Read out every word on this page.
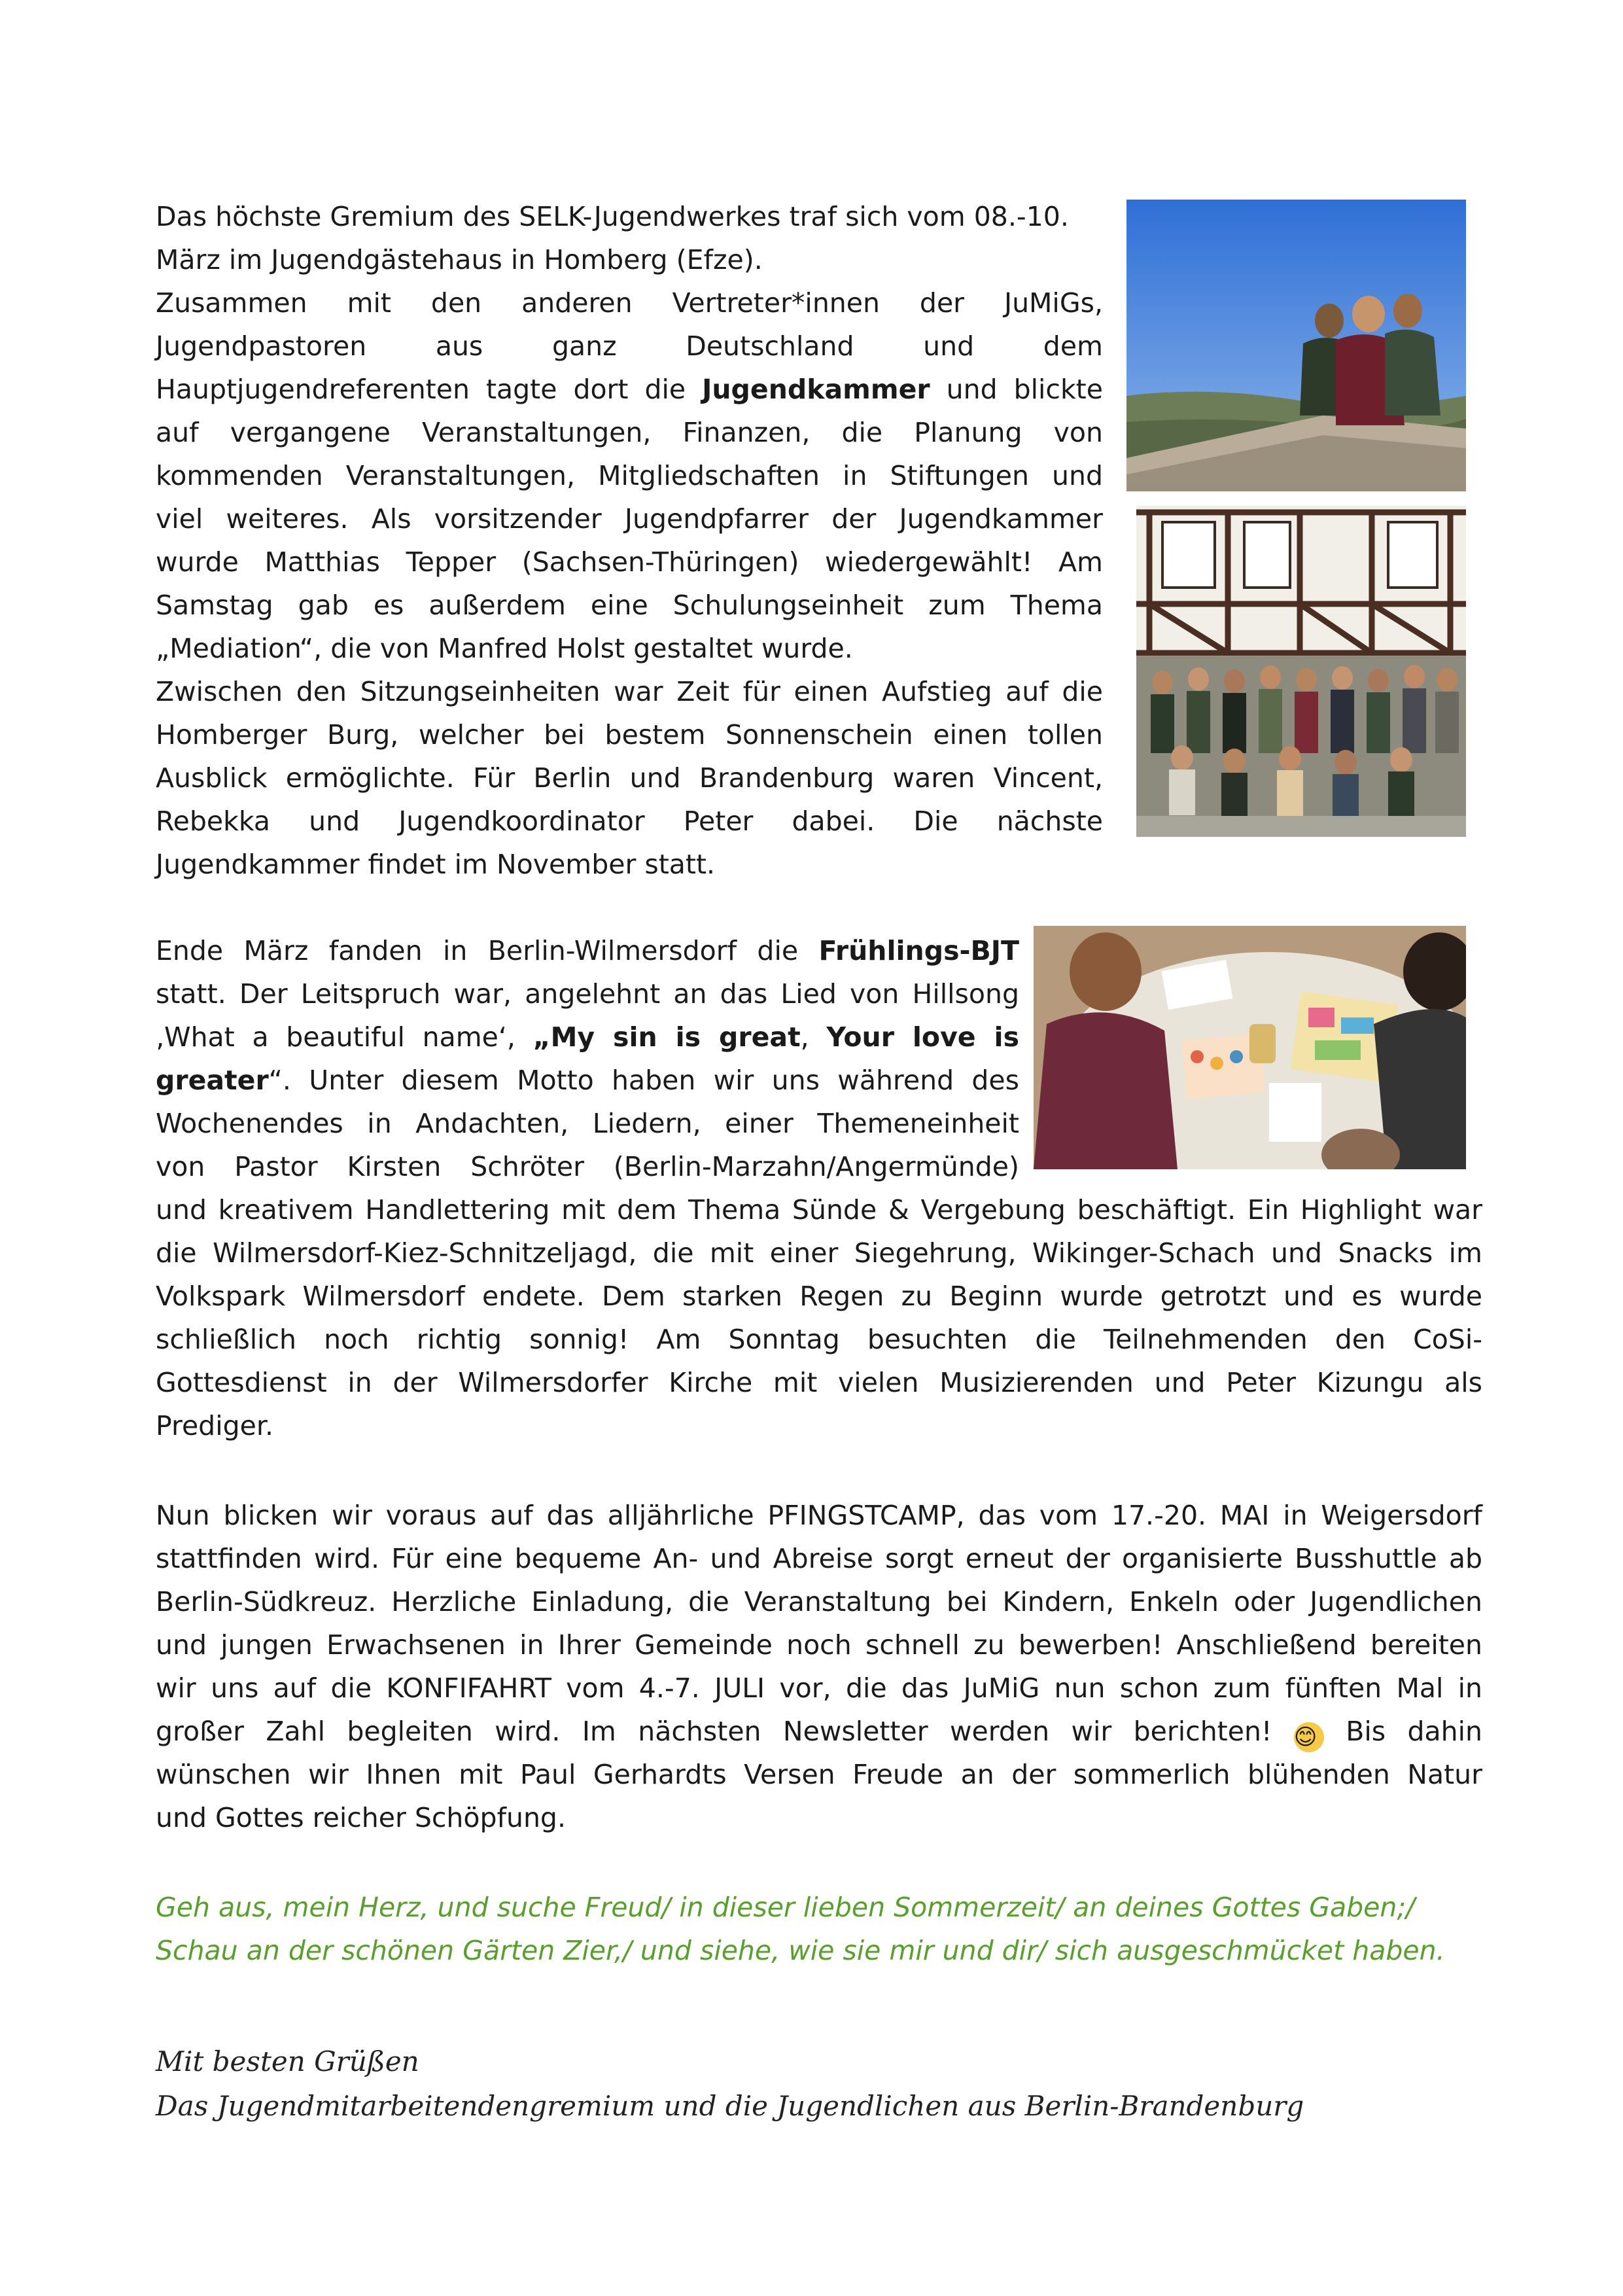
Das höchste Gremium des SELK-Jugendwerkes traf sich vom 08.-10.
März im Jugendgästehaus in Homberg (Efze).
Zusammen mit den anderen Vertreter*innen der JuMiGs,
Jugendpastoren aus ganz Deutschland und dem
Hauptjugendreferenten tagte dort die Jugendkammer und blickte
auf vergangene Veranstaltungen, Finanzen, die Planung von
kommenden Veranstaltungen, Mitgliedschaften in Stiftungen und
viel weiteres. Als vorsitzender Jugendpfarrer der Jugendkammer
wurde Matthias Tepper (Sachsen-Thüringen) wiedergewählt! Am
Samstag gab es außerdem eine Schulungseinheit zum Thema
„Mediation“, die von Manfred Holst gestaltet wurde.
Zwischen den Sitzungseinheiten war Zeit für einen Aufstieg auf die
Homberger Burg, welcher bei bestem Sonnenschein einen tollen
Ausblick ermöglichte. Für Berlin und Brandenburg waren Vincent,
Rebekka und Jugendkoordinator Peter dabei. Die nächste
Jugendkammer findet im November statt.
Ende März fanden in Berlin-Wilmersdorf die Frühlings-BJT
statt. Der Leitspruch war, angelehnt an das Lied von Hillsong
‚What a beautiful name‘, „My sin is great, Your love is
greater“. Unter diesem Motto haben wir uns während des
Wochenendes in Andachten, Liedern, einer Themeneinheit
von Pastor Kirsten Schröter (Berlin-Marzahn/Angermünde)
und kreativem Handlettering mit dem Thema Sünde & Vergebung beschäftigt. Ein Highlight war
die Wilmersdorf-Kiez-Schnitzeljagd, die mit einer Siegehrung, Wikinger-Schach und Snacks im
Volkspark Wilmersdorf endete. Dem starken Regen zu Beginn wurde getrotzt und es wurde
schließlich noch richtig sonnig! Am Sonntag besuchten die Teilnehmenden den CoSi-
Gottesdienst in der Wilmersdorfer Kirche mit vielen Musizierenden und Peter Kizungu als
Prediger.
Nun blicken wir voraus auf das alljährliche PFINGSTCAMP, das vom 17.-20. MAI in Weigersdorf
stattfinden wird. Für eine bequeme An- und Abreise sorgt erneut der organisierte Busshuttle ab
Berlin-Südkreuz. Herzliche Einladung, die Veranstaltung bei Kindern, Enkeln oder Jugendlichen
und jungen Erwachsenen in Ihrer Gemeinde noch schnell zu bewerben! Anschließend bereiten
wir uns auf die KONFIFAHRT vom 4.-7. JULI vor, die das JuMiG nun schon zum fünften Mal in
großer Zahl begleiten wird. Im nächsten Newsletter werden wir berichten! 😊 Bis dahin
wünschen wir Ihnen mit Paul Gerhardts Versen Freude an der sommerlich blühenden Natur
und Gottes reicher Schöpfung.
Geh aus, mein Herz, und suche Freud/ in dieser lieben Sommerzeit/ an deines Gottes Gaben;/
Schau an der schönen Gärten Zier,/ und siehe, wie sie mir und dir/ sich ausgeschmücket haben.
Mit besten Grüßen
Das Jugendmitarbeitendengremium und die Jugendlichen aus Berlin-Brandenburg
